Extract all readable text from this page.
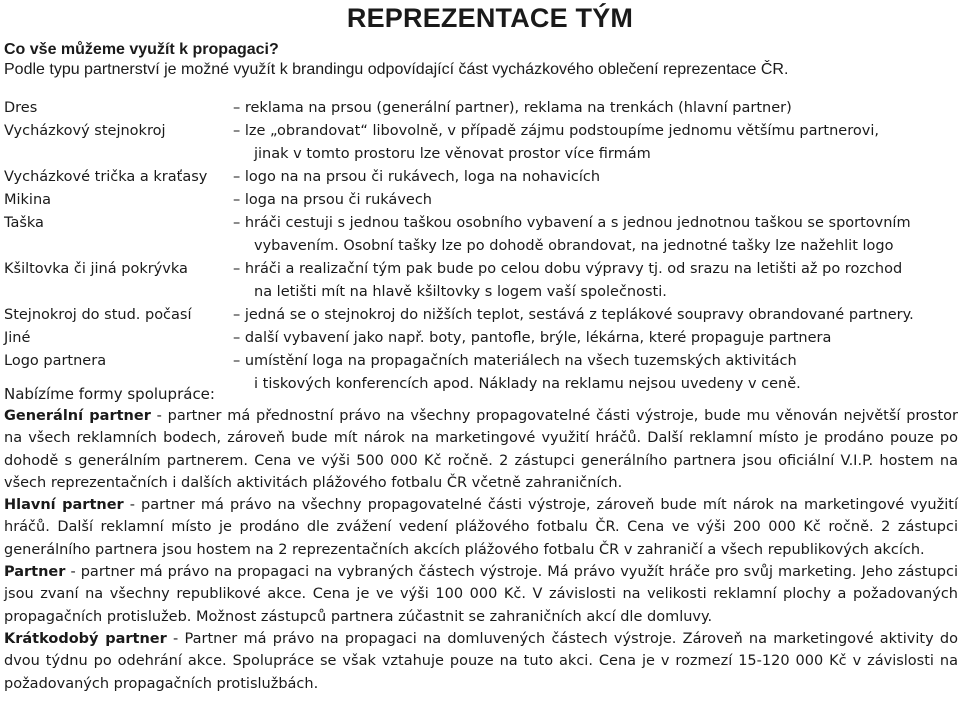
REPREZENTACE TÝM
Co vše můžeme využít k propagaci?
Podle typu partnerství je možné využít k brandingu odpovídající část vycházkového oblečení reprezentace ČR.
Dres	– reklama na prsou (generální partner), reklama na trenkách (hlavní partner)
Vycházkový stejnokroj	– lze „obrandovat“ libovolně, v případě zájmu podstoupíme jednomu většímu partnerovi,
jinak v tomto prostoru lze věnovat prostor více firmám
Vycházkové trička a kraťasy	– logo na na prsou či rukávech, loga na nohavicích
Mikina	– loga na prsou či rukávech
Taška	– hráči cestuji s jednou taškou osobního vybavení a s jednou jednotnou taškou se sportovním
vybavením. Osobní tašky lze po dohodě obrandovat, na jednotné tašky lze nažehlit logo
Kšiltovka či jiná pokrývka	– hráči a realizační tým pak bude po celou dobu výpravy tj. od srazu na letišti až po rozchod
na letišti mít na hlavě kšiltovky s logem vaší společnosti.
Stejnokroj do stud. počasí	– jedná se o stejnokroj do nižších teplot, sestává z teplákové soupravy obrandované partnery.
Jiné	– další vybavení jako např. boty, pantofle, brýle, lékárna, které propaguje partnera
Logo partnera	– umístění loga na propagačních materiálech na všech tuzemských aktivitách
i tiskových konferencích apod. Náklady na reklamu nejsou uvedeny v ceně.
Nabízíme formy spolupráce:

Generální partner - partner má přednostní právo na všechny propagovatelné části výstroje, bude mu věnován největší prostor na všech reklamních bodech, zároveň bude mít nárok na marketingové využití hráčů. Další reklamní místo je prodáno pouze po dohodě s generálním partnerem. Cena ve výši 500 000 Kč ročně. 2 zástupci generálního partnera jsou oficiální V.I.P. hostem na všech reprezentačních i dalších aktivitách plážového fotbalu ČR včetně zahraničních.

Hlavní partner - partner má právo na všechny propagovatelné části výstroje, zároveň bude mít nárok na marketingové využití hráčů. Další reklamní místo je prodáno dle zvážení vedení plážového fotbalu ČR. Cena ve výši 200 000 Kč ročně. 2 zástupci generálního partnera jsou hostem na 2 reprezentačních akcích plážového fotbalu ČR v zahraničí a všech republikových akcích.

Partner - partner má právo na propagaci na vybraných částech výstroje. Má právo využít hráče pro svůj marketing. Jeho zástupci jsou zvaní na všechny republikové akce. Cena je ve výši 100 000 Kč. V závislosti na velikosti reklamní plochy a požadovaných propagačních protislužeb. Možnost zástupců partnera zúčastnit se zahraničních akcí dle domluvy.

Krátkodobý partner - Partner má právo na propagaci na domluvených částech výstroje. Zároveň na marketingové aktivity do dvou týdnu po odehrání akce. Spolupráce se však vztahuje pouze na tuto akci. Cena je v rozmezí 15-120 000 Kč v závislosti na požadovaných propagačních protislužbách.
